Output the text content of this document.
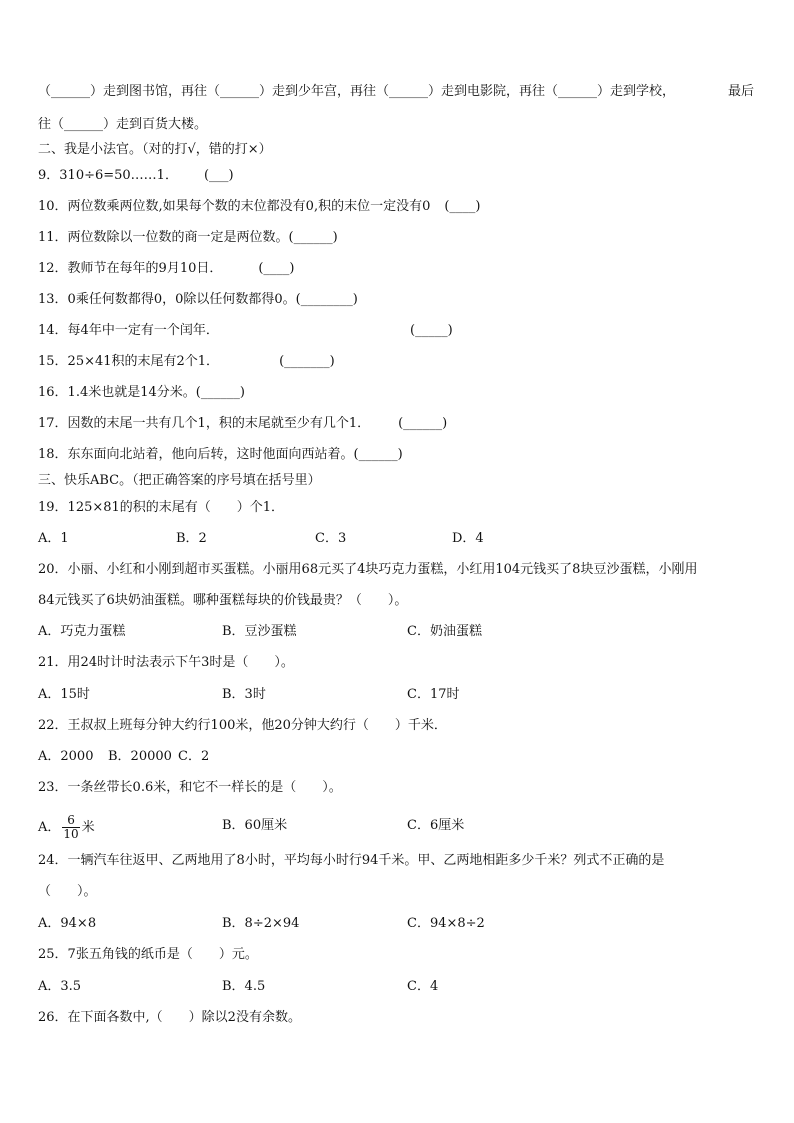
（______）走到图书馆，再往（______）走到少年宫，再往（______）走到电影院，再往（______）走到学校，	最后
往（______）走到百货大楼。
二、我是小法官。（对的打√，错的打×）
9．310÷6=50……1． (___)
10．两位数乘两位数,如果每个数的末位都没有0,积的末位一定没有0 (____)
11．两位数除以一位数的商一定是两位数。(______)
12．教师节在每年的9月10日．	(____)
13．0乘任何数都得0，0除以任何数都得0。(________)
14．每4年中一定有一个闰年．	(_____)
15．25×41积的末尾有2个1．	(_______)
16．1.4米也就是14分米。(______)
17．因数的末尾一共有几个1，积的末尾就至少有几个1． (______)
18．东东面向北站着，他向后转，这时他面向西站着。(______)
三、快乐ABC。（把正确答案的序号填在括号里）
19．125×81的积的末尾有（　　）个1．
A．1	B．2	C．3	D．4
20．小丽、小红和小刚到超市买蛋糕。小丽用68元买了4块巧克力蛋糕，小红用104元钱买了8块豆沙蛋糕，小刚用
84元钱买了6块奶油蛋糕。哪种蛋糕每块的价钱最贵？（　　）。
A．巧克力蛋糕	B．豆沙蛋糕	C．奶油蛋糕
21．用24时计时法表示下午3时是（　　）。
A．15时	B．3时	C．17时
22．王叔叔上班每分钟大约行100米，他20分钟大约行（　　）千米．
A．2000 B．20000 C．2
23．一条丝带长0.6米，和它不一样长的是（　　）。
A． $\frac{6}{10}$ 米	B．60厘米	C．6厘米
24．一辆汽车往返甲、乙两地用了8小时，平均每小时行94千米。甲、乙两地相距多少千米？列式不正确的是
（　　）。
A．94×8	B．8÷2×94	C．94×8÷2
25．7张五角钱的纸币是（　　）元。
A．3.5	B．4.5	C．4
26．在下面各数中,（　　）除以2没有余数。
